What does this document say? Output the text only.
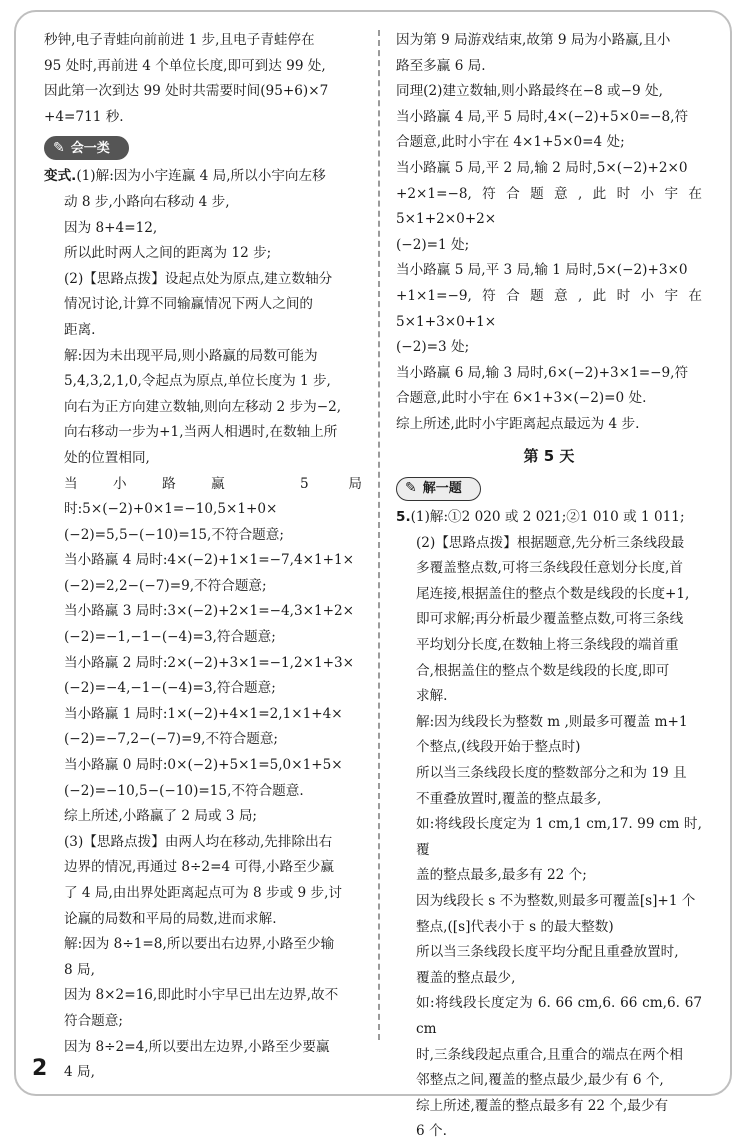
秒钟,电子青蛙向前前进 1 步,且电子青蛙停在

95 处时,再前进 4 个单位长度,即可到达 99 处,

因此第一次到达 99 处时共需要时间(95+6)×7

+4=711 秒.

✎ 会一类

变式.(1)解:因为小宇连赢 4 局,所以小宇向左移

动 8 步,小路向右移动 4 步,

因为 8+4=12,

所以此时两人之间的距离为 12 步;

(2)【思路点拨】设起点处为原点,建立数轴分

情况讨论,计算不同输赢情况下两人之间的

距离.

解:因为未出现平局,则小路赢的局数可能为

5,4,3,2,1,0,令起点为原点,单位长度为 1 步,

向右为正方向建立数轴,则向左移动 2 步为−2,

向右移动一步为+1,当两人相遇时,在数轴上所

处的位置相同,

当小路赢 5 局时:5×(−2)+0×1=−10,5×1+0×

(−2)=5,5−(−10)=15,不符合题意;

当小路赢 4 局时:4×(−2)+1×1=−7,4×1+1×

(−2)=2,2−(−7)=9,不符合题意;

当小路赢 3 局时:3×(−2)+2×1=−4,3×1+2×

(−2)=−1,−1−(−4)=3,符合题意;

当小路赢 2 局时:2×(−2)+3×1=−1,2×1+3×

(−2)=−4,−1−(−4)=3,符合题意;

当小路赢 1 局时:1×(−2)+4×1=2,1×1+4×

(−2)=−7,2−(−7)=9,不符合题意;

当小路赢 0 局时:0×(−2)+5×1=5,0×1+5×

(−2)=−10,5−(−10)=15,不符合题意.

综上所述,小路赢了 2 局或 3 局;

(3)【思路点拨】由两人均在移动,先排除出右

边界的情况,再通过 8÷2=4 可得,小路至少赢

了 4 局,由出界处距离起点可为 8 步或 9 步,讨

论赢的局数和平局的局数,进而求解.

解:因为 8÷1=8,所以要出右边界,小路至少输

8 局,

因为 8×2=16,即此时小宇早已出左边界,故不

符合题意;

因为 8÷2=4,所以要出左边界,小路至少要赢

4 局,

因为第 9 局游戏结束,故第 9 局为小路赢,且小

路至多赢 6 局.

同理(2)建立数轴,则小路最终在−8 或−9 处,

当小路赢 4 局,平 5 局时,4×(−2)+5×0=−8,符

合题意,此时小宇在 4×1+5×0=4 处;

当小路赢 5 局,平 2 局,输 2 局时,5×(−2)+2×0

+2×1=−8,符合题意,此时小宇在 5×1+2×0+2×

(−2)=1 处;

当小路赢 5 局,平 3 局,输 1 局时,5×(−2)+3×0

+1×1=−9,符合题意,此时小宇在 5×1+3×0+1×

(−2)=3 处;

当小路赢 6 局,输 3 局时,6×(−2)+3×1=−9,符

合题意,此时小宇在 6×1+3×(−2)=0 处.

综上所述,此时小宇距离起点最远为 4 步.

第 5 天
✎ 解一题

5.(1)解:①2 020 或 2 021;②1 010 或 1 011;

(2)【思路点拨】根据题意,先分析三条线段最

多覆盖整点数,可将三条线段任意划分长度,首

尾连接,根据盖住的整点个数是线段的长度+1,

即可求解;再分析最少覆盖整点数,可将三条线

平均划分长度,在数轴上将三条线段的端首重

合,根据盖住的整点个数是线段的长度,即可

求解.

解:因为线段长为整数 m ,则最多可覆盖 m+1

个整点,(线段开始于整点时)

所以当三条线段长度的整数部分之和为 19 且

不重叠放置时,覆盖的整点最多,

如:将线段长度定为 1 cm,1 cm,17. 99 cm 时,覆

盖的整点最多,最多有 22 个;

因为线段长 s 不为整数,则最多可覆盖[s]+1 个

整点,([s]代表小于 s 的最大整数)

所以当三条线段长度平均分配且重叠放置时,

覆盖的整点最少,

如:将线段长度定为 6. 66 cm,6. 66 cm,6. 67 cm

时,三条线段起点重合,且重合的端点在两个相

邻整点之间,覆盖的整点最少,最少有 6 个,

综上所述,覆盖的整点最多有 22 个,最少有

6 个.

2
